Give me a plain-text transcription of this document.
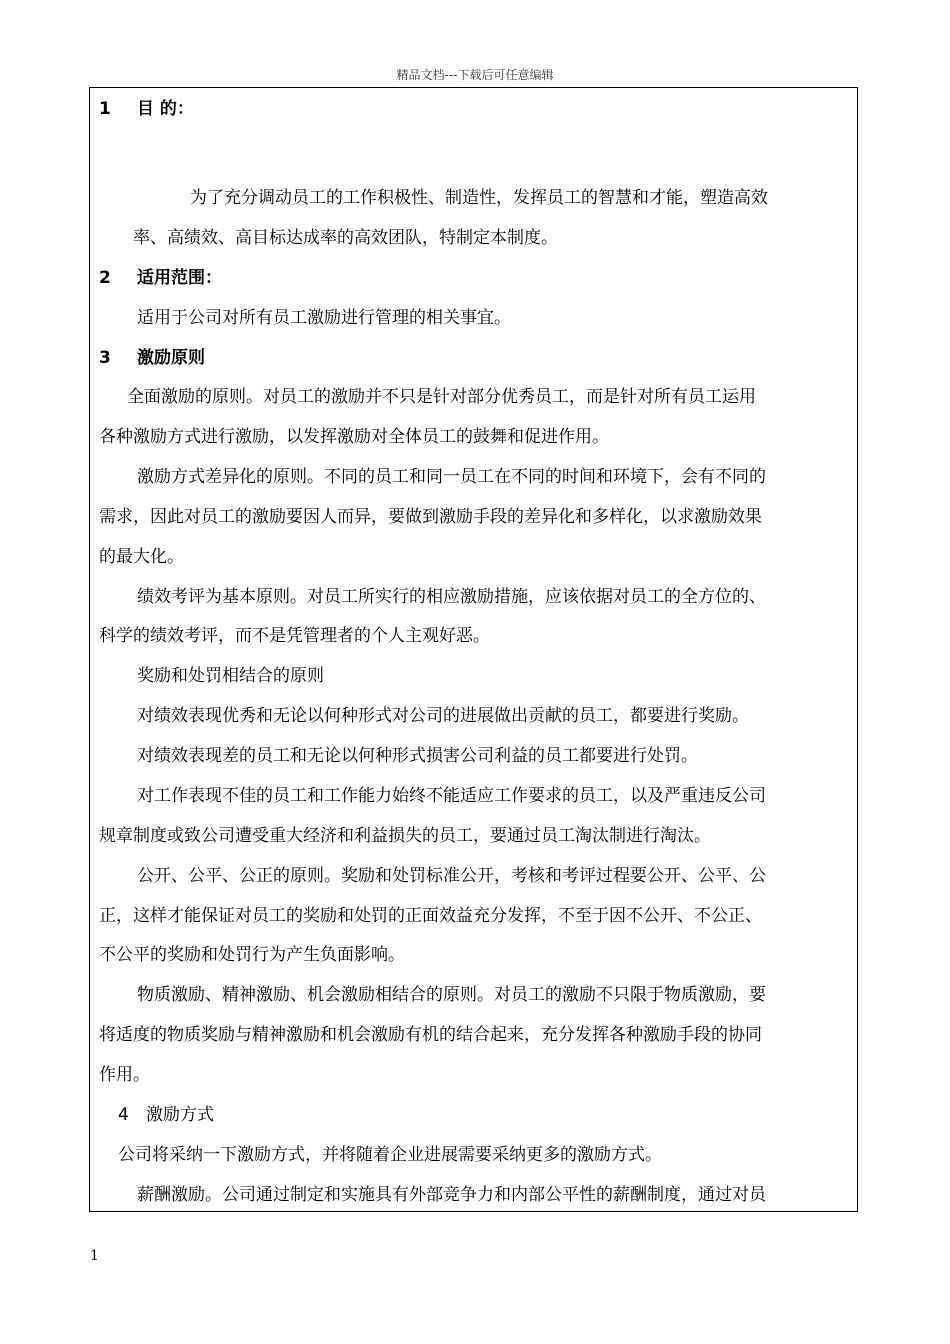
精品文档---下载后可任意编辑
1 目 的：
为了充分调动员工的工作积极性、制造性，发挥员工的智慧和才能，塑造高效
率、高绩效、高目标达成率的高效团队，特制定本制度。
2 适用范围：
适用于公司对所有员工激励进行管理的相关事宜。
3 激励原则
全面激励的原则。对员工的激励并不只是针对部分优秀员工，而是针对所有员工运用
各种激励方式进行激励，以发挥激励对全体员工的鼓舞和促进作用。
激励方式差异化的原则。不同的员工和同一员工在不同的时间和环境下，会有不同的
需求，因此对员工的激励要因人而异，要做到激励手段的差异化和多样化，以求激励效果
的最大化。
绩效考评为基本原则。对员工所实行的相应激励措施，应该依据对员工的全方位的、
科学的绩效考评，而不是凭管理者的个人主观好恶。
奖励和处罚相结合的原则
对绩效表现优秀和无论以何种形式对公司的进展做出贡献的员工，都要进行奖励。
对绩效表现差的员工和无论以何种形式损害公司利益的员工都要进行处罚。
对工作表现不佳的员工和工作能力始终不能适应工作要求的员工，以及严重违反公司
规章制度或致公司遭受重大经济和利益损失的员工，要通过员工淘汰制进行淘汰。
公开、公平、公正的原则。奖励和处罚标准公开，考核和考评过程要公开、公平、公
正，这样才能保证对员工的奖励和处罚的正面效益充分发挥，不至于因不公开、不公正、
不公平的奖励和处罚行为产生负面影响。
物质激励、精神激励、机会激励相结合的原则。对员工的激励不只限于物质激励，要
将适度的物质奖励与精神激励和机会激励有机的结合起来，充分发挥各种激励手段的协同
作用。
4 激励方式
公司将采纳一下激励方式，并将随着企业进展需要采纳更多的激励方式。
薪酬激励。公司通过制定和实施具有外部竞争力和内部公平性的薪酬制度，通过对员
1
